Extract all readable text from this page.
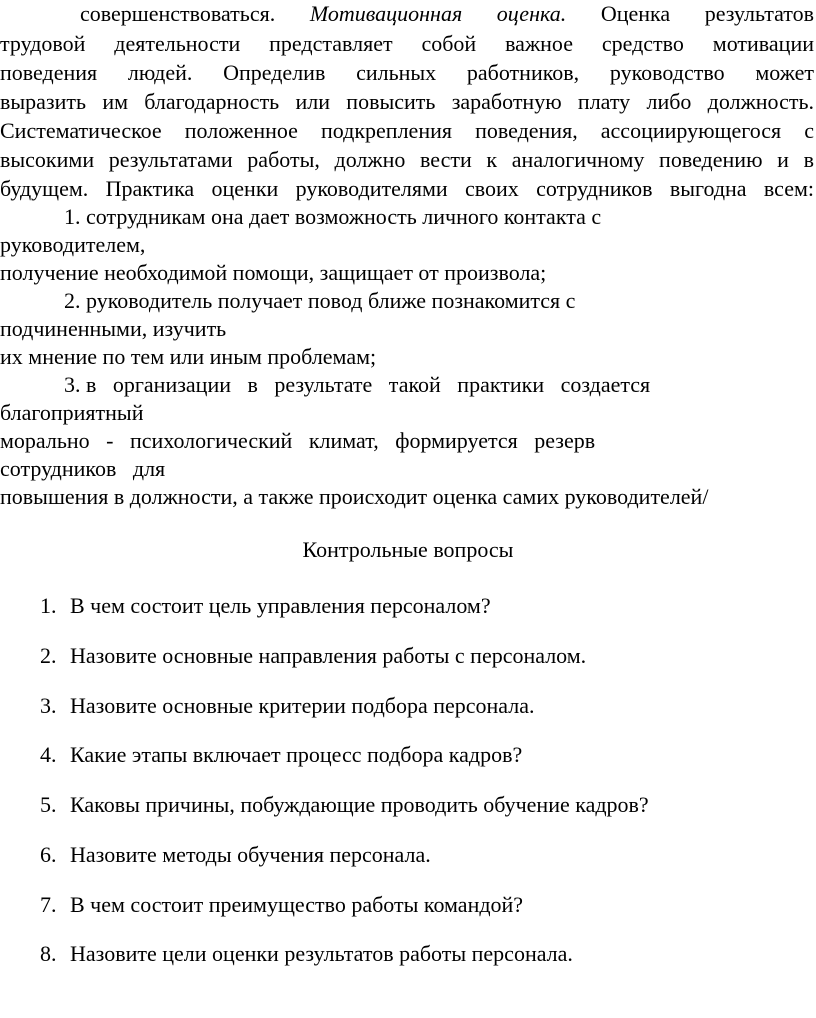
совершенствоваться. Мотивационная оценка. Оценка результатов
трудовой деятельности представляет собой важное средство мотивации
поведения людей. Определив сильных работников, руководство может
выразить им благодарность или повысить заработную плату либо должность.
Систематическое положенное подкрепления поведения, ассоциирующегося с
высокими результатами работы, должно вести к аналогичному поведению и в
будущем. Практика оценки руководителями своих сотрудников выгодна всем:
1. сотрудникам она дает возможность личного контакта с
руководителем,
получение необходимой помощи, защищает от произвола;
2. руководитель получает повод ближе познакомится с
подчиненными, изучить
их мнение по тем или иным проблемам;
3. в   организации   в   результате   такой   практики   создается
благоприятный
морально   -   психологический   климат,   формируется   резерв
сотрудников   для
повышения в должности, а также происходит оценка самих руководителей/
Контрольные вопросы
1. В чем состоит цель управления персоналом?
2. Назовите основные направления работы с персоналом.
3. Назовите основные критерии подбора персонала.
4. Какие этапы включает процесс подбора кадров?
5. Каковы причины, побуждающие проводить обучение кадров?
6. Назовите методы обучения персонала.
7. В чем состоит преимущество работы командой?
8. Назовите цели оценки результатов работы персонала.
